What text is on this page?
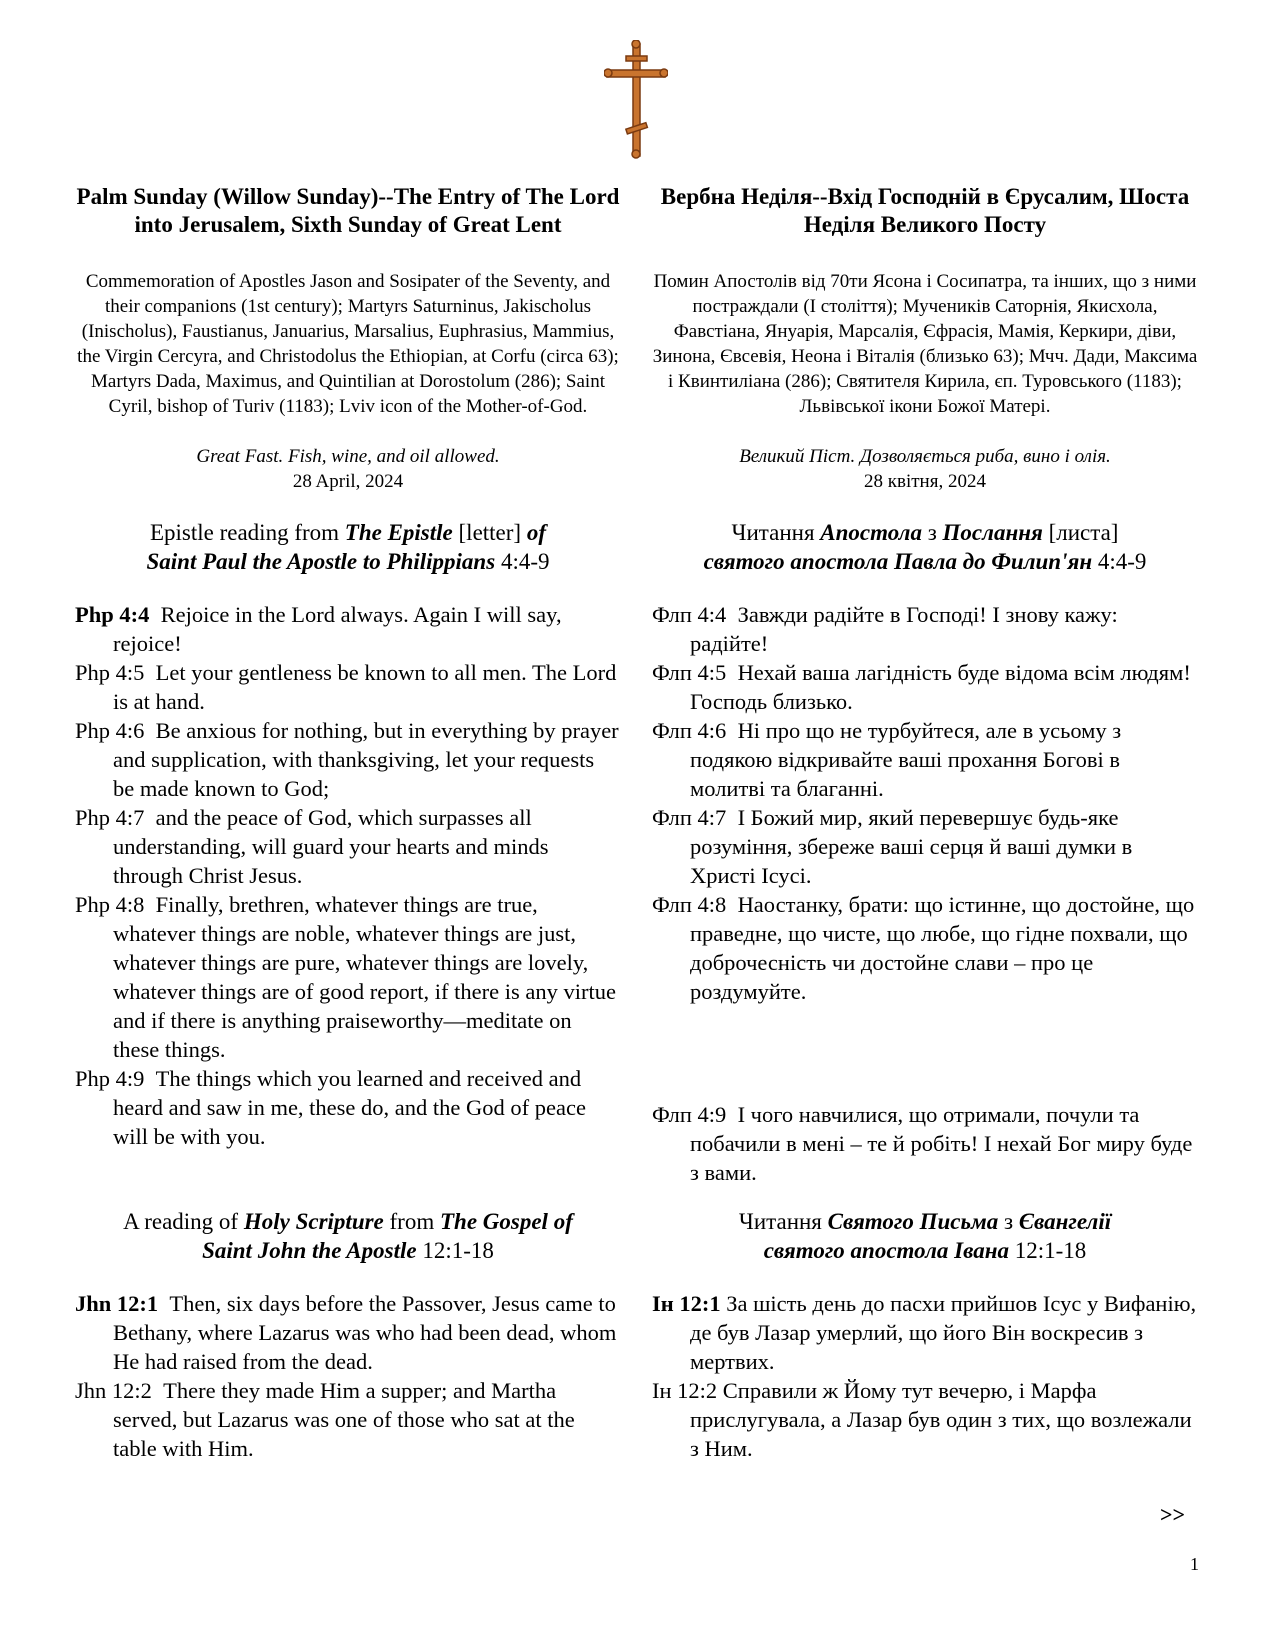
Palm Sunday (Willow Sunday)--The Entry of The Lord into Jerusalem, Sixth Sunday of Great Lent

Commemoration of Apostles Jason and Sosipater of the Seventy, and their companions (1st century); Martyrs Saturninus, Jakischolus (Inischolus), Faustianus, Januarius, Marsalius, Euphrasius, Mammius, the Virgin Cercyra, and Christodolus the Ethiopian, at Corfu (circa 63); Martyrs Dada, Maximus, and Quintilian at Dorostolum (286); Saint Cyril, bishop of Turiv (1183); Lviv icon of the Mother-of-God.

Great Fast. Fish, wine, and oil allowed.
28 April, 2024

Epistle reading from The Epistle [letter] of
Saint Paul the Apostle to Philippians 4:4-9

Php 4:4 Rejoice in the Lord always. Again I will say, rejoice!

Php 4:5 Let your gentleness be known to all men. The Lord is at hand.

Php 4:6 Be anxious for nothing, but in everything by prayer and supplication, with thanksgiving, let your requests be made known to God;

Php 4:7 and the peace of God, which surpasses all understanding, will guard your hearts and minds through Christ Jesus.

Php 4:8 Finally, brethren, whatever things are true, whatever things are noble, whatever things are just, whatever things are pure, whatever things are lovely, whatever things are of good report, if there is any virtue and if there is anything praiseworthy—meditate on these things.

Php 4:9 The things which you learned and received and heard and saw in me, these do, and the God of peace will be with you.

A reading of Holy Scripture from The Gospel of
Saint John the Apostle 12:1-18

Jhn 12:1 Then, six days before the Passover, Jesus came to Bethany, where Lazarus was who had been dead, whom He had raised from the dead.

Jhn 12:2 There they made Him a supper; and Martha served, but Lazarus was one of those who sat at the table with Him.

Вербна Неділя--Вхід Господній в Єрусалим, Шоста Неділя Великого Посту

Помин Апостолів від 70ти Ясона і Сосипатра, та інших, що з ними постраждали (I століття); Мучеників Саторнія, Якисхола, Фавстіана, Януарія, Марсалія, Єфрасія, Мамія, Керкири, діви, Зинона, Євсевія, Неона і Віталія (близько 63); Мчч. Дади, Максима і Квинтиліана (286); Святителя Кирила, єп. Туровського (1183); Львівської ікони Божої Матері.

Великий Піст. Дозволяється риба, вино і олія.
28 квітня, 2024

Читання Апостола з Послання [листа]
святого апостола Павла до Филип'ян 4:4-9

Флп 4:4 Завжди радійте в Господі! І знову кажу: радійте!

Флп 4:5 Нехай ваша лагідність буде відома всім людям! Господь близько.

Флп 4:6 Ні про що не турбуйтеся, але в усьому з подякою відкривайте ваші прохання Богові в молитві та благанні.

Флп 4:7 І Божий мир, який перевершує будь-яке розуміння, збереже ваші серця й ваші думки в Христі Ісусі.

Флп 4:8 Наостанку, брати: що істинне, що достойне, що праведне, що чисте, що любе, що гідне похвали, що доброчесність чи достойне слави – про це роздумуйте.

Флп 4:9 І чого навчилися, що отримали, почули та побачили в мені – те й робіть! І нехай Бог миру буде з вами.

Читання Святого Письма з Євангелії
святого апостола Івана 12:1-18

Ін 12:1 За шість день до пасхи прийшов Ісус у Вифанію, де був Лазар умерлий, що його Він воскресив з мертвих.

Ін 12:2 Справили ж Йому тут вечерю, і Марфа прислугувала, а Лазар був один з тих, що возлежали з Ним.

>>
1
